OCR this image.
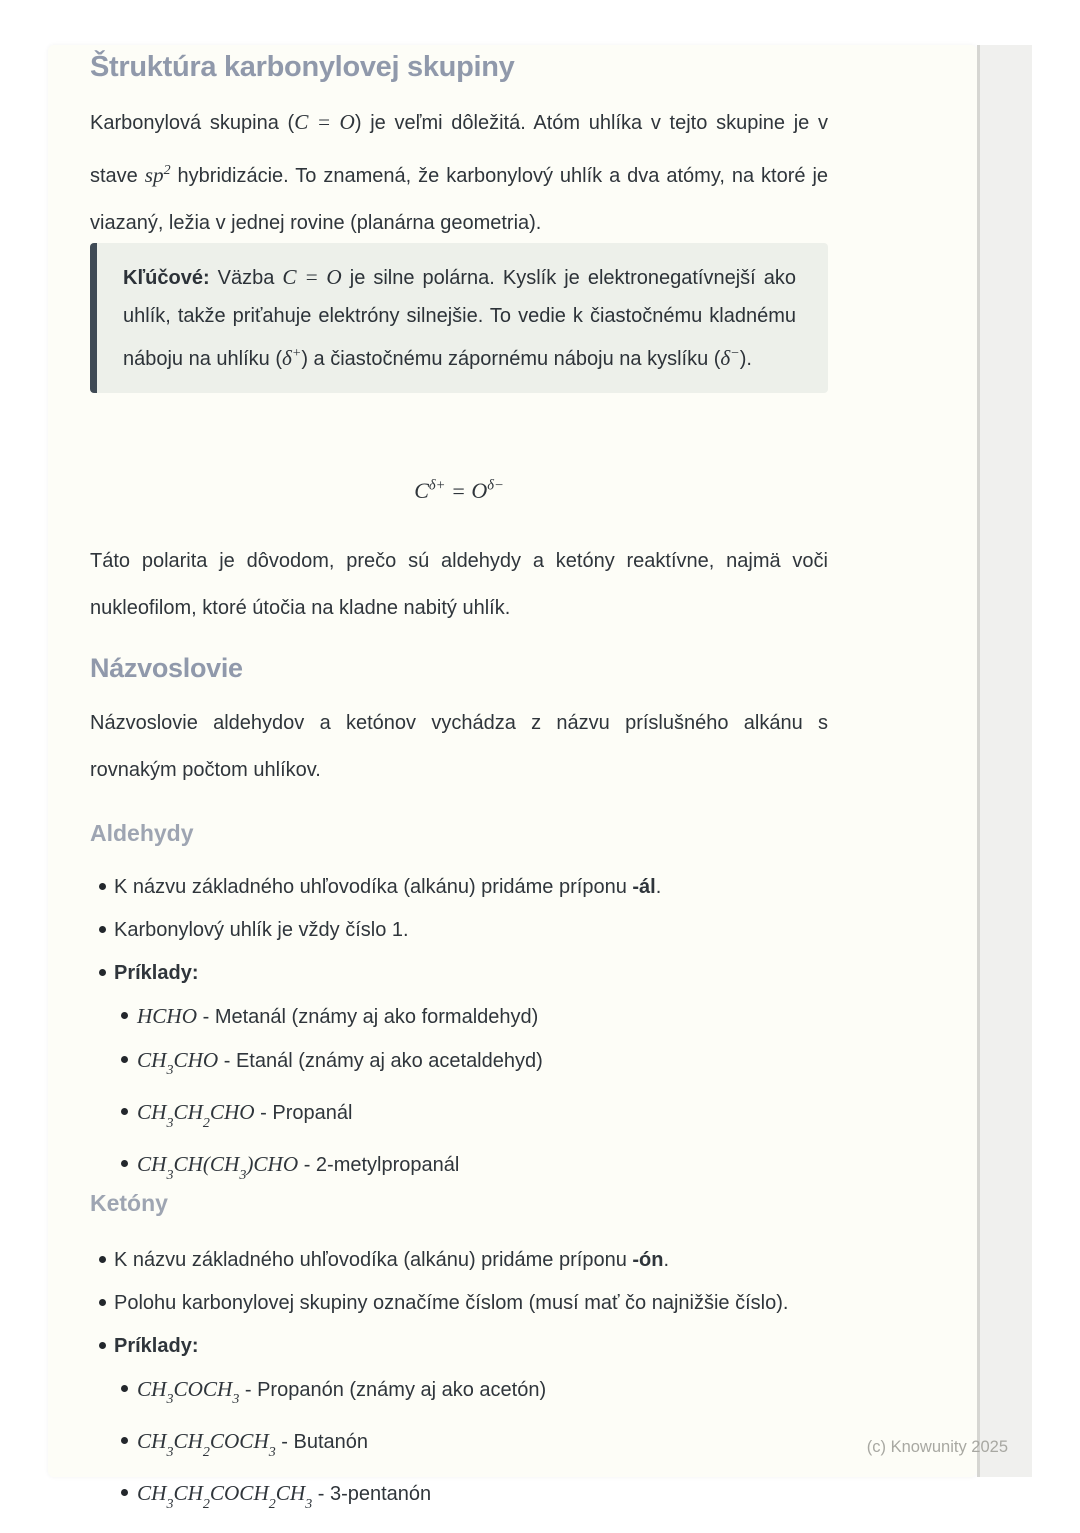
Štruktúra karbonylovej skupiny

Karbonylová skupina (C = O) je veľmi dôležitá. Atóm uhlíka v tejto skupine je v stave $sp^2$ hybridizácie. To znamená, že karbonylový uhlík a dva atómy, na ktoré je viazaný, ležia v jednej rovine (planárna geometria).

Kľúčové: Väzba C = O je silne polárna. Kyslík je elektronegatívnejší ako uhlík, takže priťahuje elektróny silnejšie. To vedie k čiastočnému kladnému náboju na uhlíku (δ+) a čiastočnému zápornému náboju na kyslíku (δ−).

$C^{\delta+} = O^{\delta-}$

Táto polarita je dôvodom, prečo sú aldehydy a ketóny reaktívne, najmä voči nukleofilom, ktoré útočia na kladne nabitý uhlík.

Názvoslovie

Názvoslovie aldehydov a ketónov vychádza z názvu príslušného alkánu s rovnakým počtom uhlíkov.

Aldehydy
K názvu základného uhľovodíka (alkánu) pridáme príponu -ál.
Karbonylový uhlík je vždy číslo 1.
Príklady:
HCHO - Metanál (známy aj ako formaldehyd)
$CH_3CHO$ - Etanál (známy aj ako acetaldehyd)
$CH_3CH_2CHO$ - Propanál
$CH_3CH(CH_3)CHO$ - 2-metylpropanál
Ketóny
K názvu základného uhľovodíka (alkánu) pridáme príponu -ón.
Polohu karbonylovej skupiny označíme číslom (musí mať čo najnižšie číslo).
Príklady:
$CH_3COCH_3$ - Propanón (známy aj ako acetón)
$CH_3CH_2COCH_3$ - Butanón
$CH_3CH_2COCH_2CH_3$ - 3-pentanón
(c) Knowunity 2025
